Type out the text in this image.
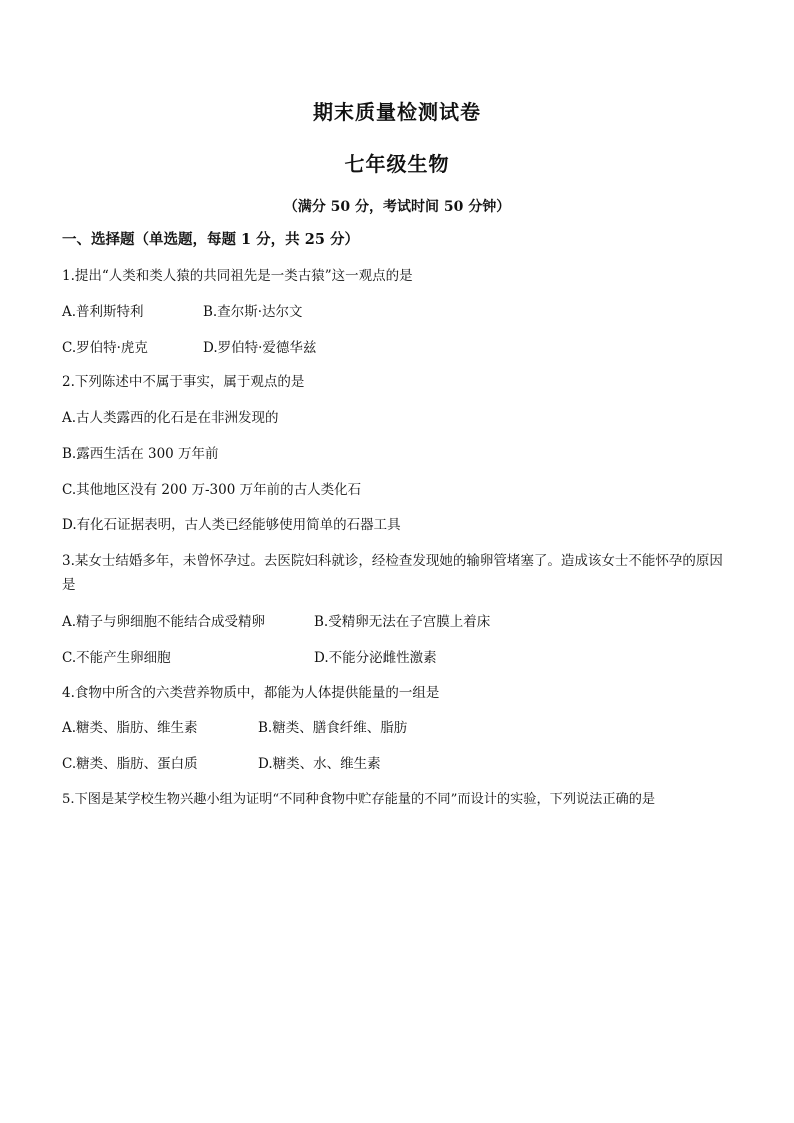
期末质量检测试卷
七年级生物
（满分 50 分，考试时间 50 分钟）
一、选择题（单选题，每题 1 分，共 25 分）
1.提出“人类和类人猿的共同祖先是一类古猿”这一观点的是
A.普利斯特利	B.查尔斯·达尔文
C.罗伯特·虎克	D.罗伯特·爱德华兹
2.下列陈述中不属于事实，属于观点的是
A.古人类露西的化石是在非洲发现的
B.露西生活在 300 万年前
C.其他地区没有 200 万-300 万年前的古人类化石
D.有化石证据表明，古人类已经能够使用简单的石器工具
3.某女士结婚多年，未曾怀孕过。去医院妇科就诊，经检查发现她的输卵管堵塞了。造成该女士不能怀孕的原因是
A.精子与卵细胞不能结合成受精卵	B.受精卵无法在子宫膜上着床
C.不能产生卵细胞	D.不能分泌雌性激素
4.食物中所含的六类营养物质中，都能为人体提供能量的一组是
A.糖类、脂肪、维生素	B.糖类、膳食纤维、脂肪
C.糖类、脂肪、蛋白质	D.糖类、水、维生素
5.下图是某学校生物兴趣小组为证明“不同种食物中贮存能量的不同”而设计的实验，下列说法正确的是
